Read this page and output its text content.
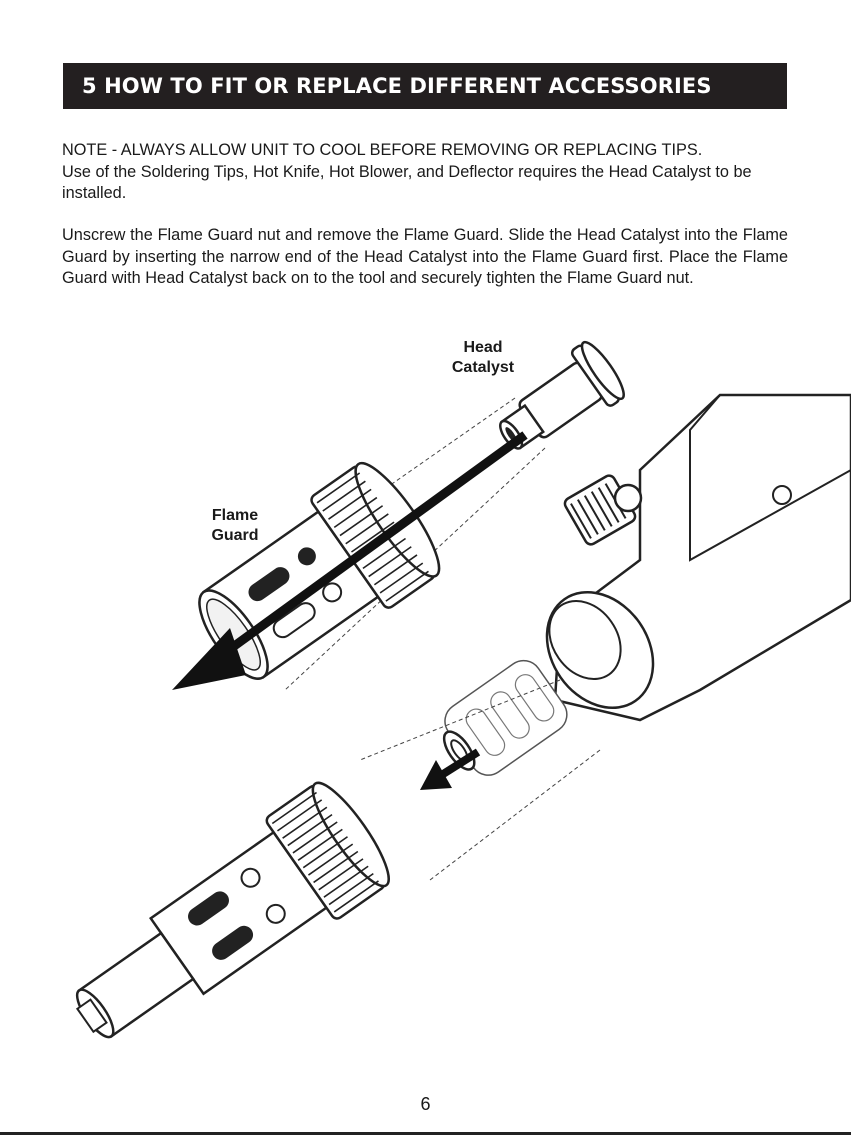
5 HOW TO FIT OR REPLACE DIFFERENT ACCESSORIES
NOTE - ALWAYS ALLOW UNIT TO COOL BEFORE REMOVING OR REPLACING TIPS.
Use of the Soldering Tips, Hot Knife, Hot Blower, and Deflector requires the Head Catalyst to be installed.

Unscrew the Flame Guard nut and remove the Flame Guard. Slide the Head Catalyst into the Flame Guard by inserting the narrow end of the Head Catalyst into the Flame Guard first. Place the Flame Guard with Head Catalyst back on to the tool and securely tighten the Flame Guard nut.

Head
Catalyst
Flame
Guard
6
